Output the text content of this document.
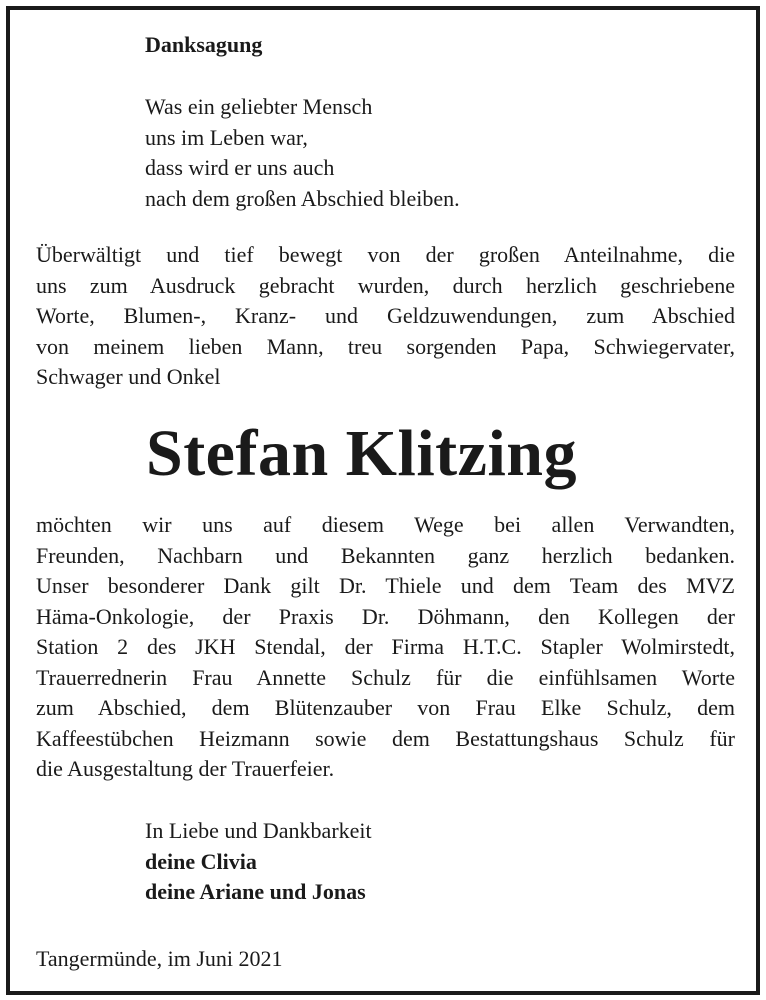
Danksagung
Was ein geliebter Mensch
uns im Leben war,
dass wird er uns auch
nach dem großen Abschied bleiben.
Überwältigt und tief bewegt von der großen Anteilnahme, die
uns zum Ausdruck gebracht wurden, durch herzlich geschriebene
Worte, Blumen-, Kranz- und Geldzuwendungen, zum Abschied
von meinem lieben Mann, treu sorgenden Papa, Schwiegervater,
Schwager und Onkel
Stefan Klitzing
möchten wir uns auf diesem Wege bei allen Verwandten,
Freunden, Nachbarn und Bekannten ganz herzlich bedanken.
Unser besonderer Dank gilt Dr. Thiele und dem Team des MVZ
Häma-Onkologie, der Praxis Dr. Döhmann, den Kollegen der
Station 2 des JKH Stendal, der Firma H.T.C. Stapler Wolmirstedt,
Trauerrednerin Frau Annette Schulz für die einfühlsamen Worte
zum Abschied, dem Blütenzauber von Frau Elke Schulz, dem
Kaffeestübchen Heizmann sowie dem Bestattungshaus Schulz für
die Ausgestaltung der Trauerfeier.
In Liebe und Dankbarkeit
deine Clivia
deine Ariane und Jonas
Tangermünde, im Juni 2021
